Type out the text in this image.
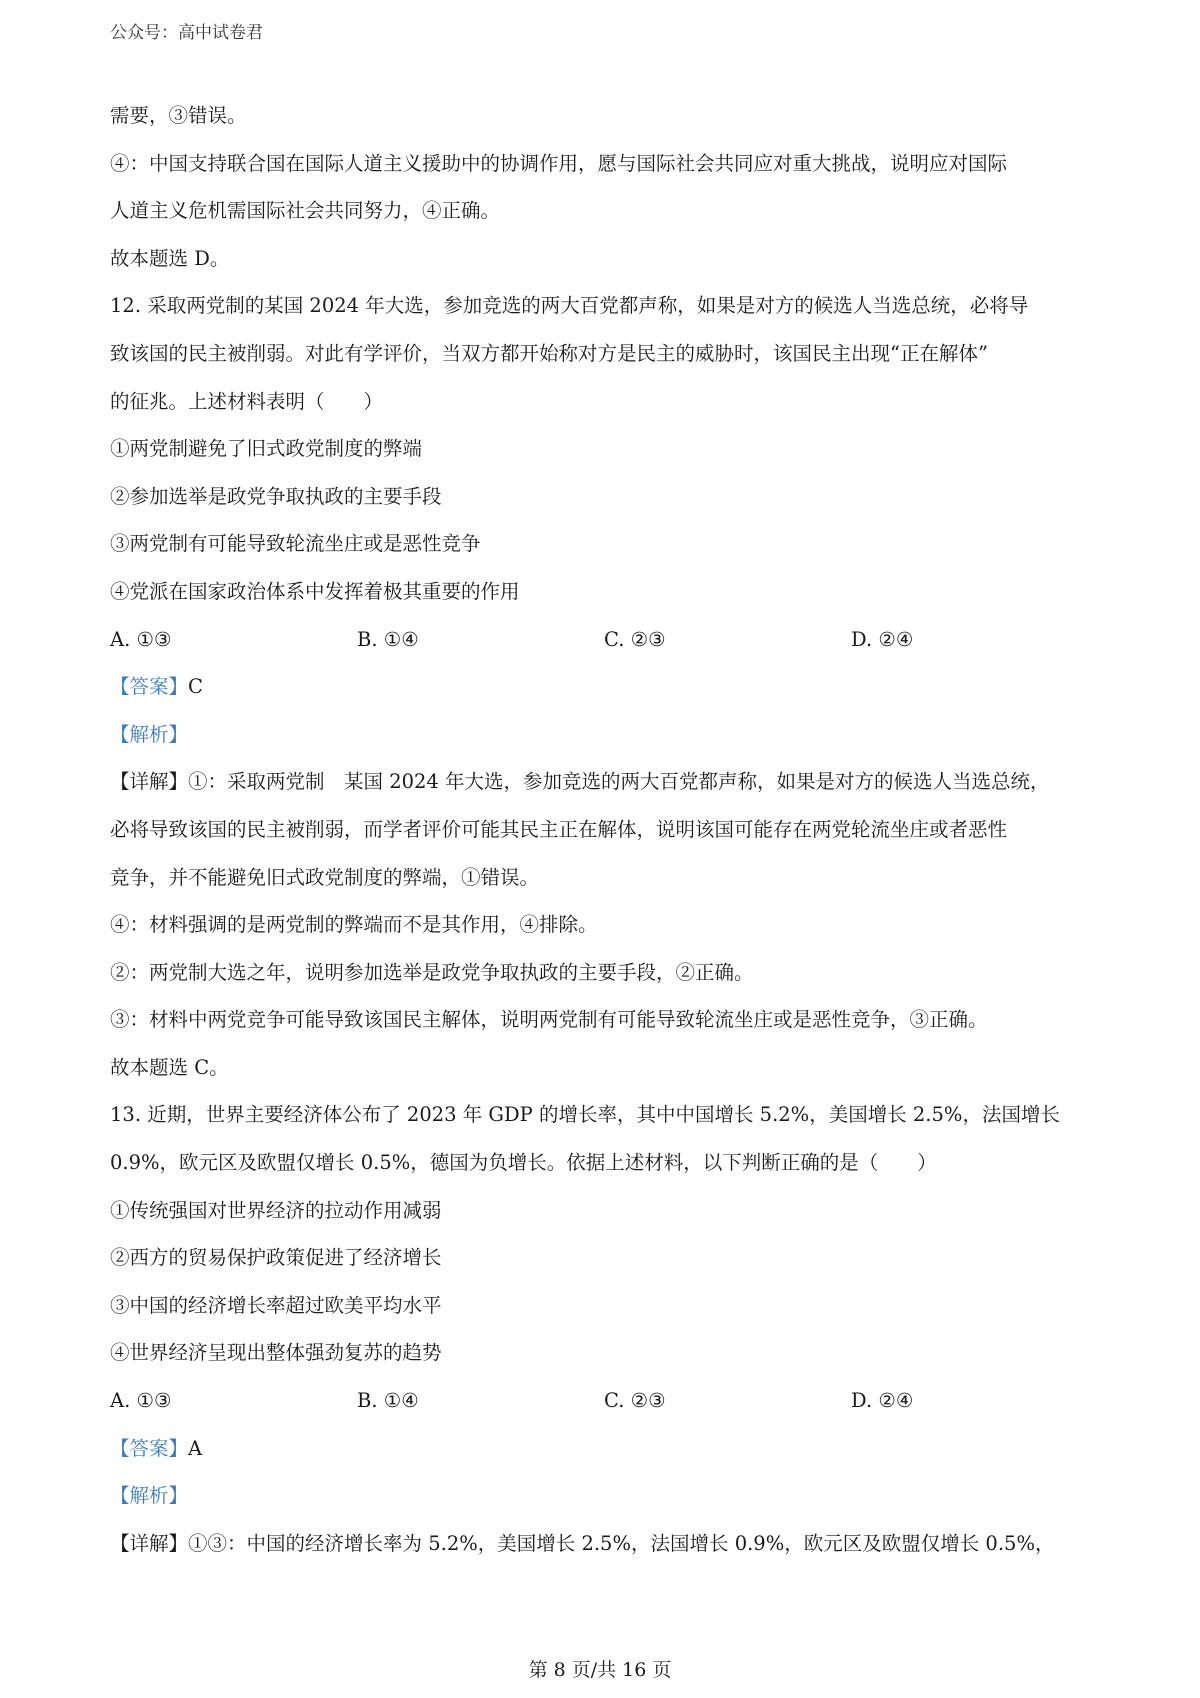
公众号：高中试卷君
需要，③错误。
④：中国支持联合国在国际人道主义援助中的协调作用，愿与国际社会共同应对重大挑战，说明应对国际
人道主义危机需国际社会共同努力，④正确。
故本题选 D。
12. 采取两党制的某国 2024 年大选，参加竞选的两大百党都声称，如果是对方的候选人当选总统，必将导
致该国的民主被削弱。对此有学评价，当双方都开始称对方是民主的威胁时，该国民主出现“正在解体”
的征兆。上述材料表明（　　）
①两党制避免了旧式政党制度的弊端
②参加选举是政党争取执政的主要手段
③两党制有可能导致轮流坐庄或是恶性竞争
④党派在国家政治体系中发挥着极其重要的作用
A. ①③	B. ①④	C. ②③	D. ②④
【答案】C
【解析】
【详解】①：采取两党制　某国 2024 年大选，参加竞选的两大百党都声称，如果是对方的候选人当选总统，
必将导致该国的民主被削弱，而学者评价可能其民主正在解体，说明该国可能存在两党轮流坐庄或者恶性
竞争，并不能避免旧式政党制度的弊端，①错误。
④：材料强调的是两党制的弊端而不是其作用，④排除。
②：两党制大选之年，说明参加选举是政党争取执政的主要手段，②正确。
③：材料中两党竞争可能导致该国民主解体，说明两党制有可能导致轮流坐庄或是恶性竞争，③正确。
故本题选 C。
13. 近期，世界主要经济体公布了 2023 年 GDP 的增长率，其中中国增长 5.2%，美国增长 2.5%，法国增长
0.9%，欧元区及欧盟仅增长 0.5%，德国为负增长。依据上述材料，以下判断正确的是（　　）
①传统强国对世界经济的拉动作用减弱
②西方的贸易保护政策促进了经济增长
③中国的经济增长率超过欧美平均水平
④世界经济呈现出整体强劲复苏的趋势
A. ①③	B. ①④	C. ②③	D. ②④
【答案】A
【解析】
【详解】①③：中国的经济增长率为 5.2%，美国增长 2.5%，法国增长 0.9%，欧元区及欧盟仅增长 0.5%，
第 8 页/共 16 页
